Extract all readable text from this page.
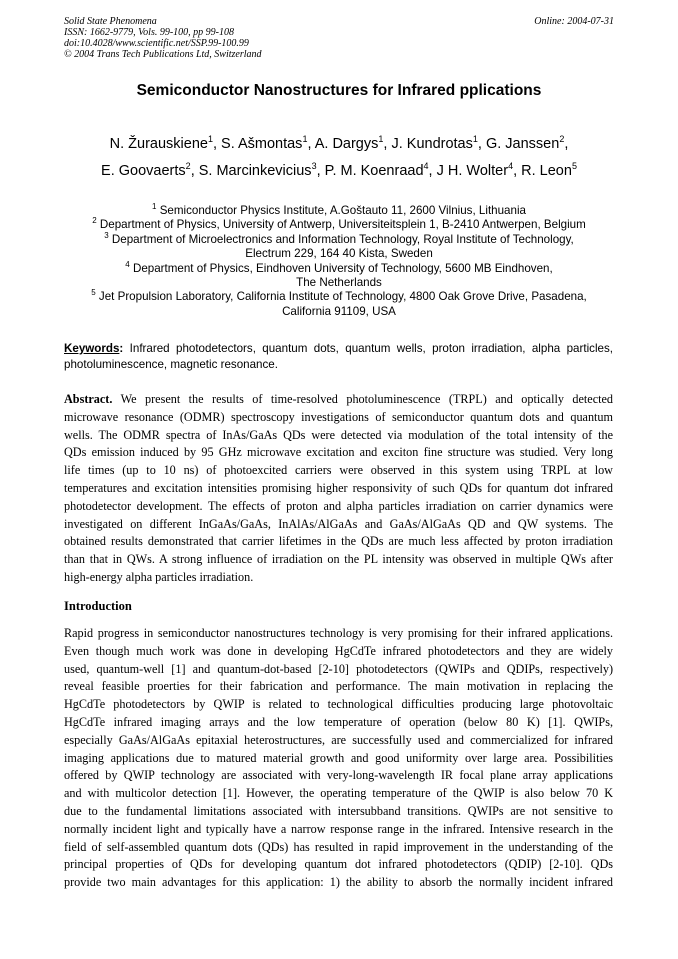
Solid State Phenomena
ISSN: 1662-9779, Vols. 99-100, pp 99-108
doi:10.4028/www.scientific.net/SSP.99-100.99
© 2004 Trans Tech Publications Ltd, Switzerland
Online: 2004-07-31
Semiconductor Nanostructures for Infrared pplications
N. Žurauskiene$^1$, S. Ašmontas$^1$, A. Dargys$^1$, J. Kundrotas$^1$, G. Janssen$^2$,
E. Goovaerts$^2$, S. Marcinkevicius$^3$, P. M. Koenraad$^4$, J H. Wolter$^4$, R. Leon$^5$
$^1$ Semiconductor Physics Institute, A.Goštauto 11, 2600 Vilnius, Lithuania
$^2$ Department of Physics, University of Antwerp, Universiteitsplein 1, B-2410 Antwerpen, Belgium
$^3$ Department of Microelectronics and Information Technology, Royal Institute of Technology,
Electrum 229, 164 40 Kista, Sweden
$^4$ Department of Physics, Eindhoven University of Technology, 5600 MB Eindhoven,
The Netherlands
$^5$ Jet Propulsion Laboratory, California Institute of Technology, 4800 Oak Grove Drive, Pasadena,
California 91109, USA
Keywords: Infrared photodetectors, quantum dots, quantum wells, proton irradiation, alpha particles, photoluminescence, magnetic resonance.
Abstract. We present the results of time-resolved photoluminescence (TRPL) and optically detected
microwave resonance (ODMR) spectroscopy investigations of semiconductor quantum dots and quantum
wells. The ODMR spectra of InAs/GaAs QDs were detected via modulation of the total intensity of the
QDs emission induced by 95 GHz microwave excitation and exciton fine structure was studied. Very long
life times (up to 10 ns) of photoexcited carriers were observed in this system using TRPL at low
temperatures and excitation intensities promising higher responsivity of such QDs for quantum dot infrared
photodetector development. The effects of proton and alpha particles irradiation on carrier dynamics were
investigated on different InGaAs/GaAs, InAlAs/AlGaAs and GaAs/AlGaAs QD and QW systems. The
obtained results demonstrated that carrier lifetimes in the QDs are much less affected by proton irradiation
than that in QWs. A strong influence of irradiation on the PL intensity was observed in multiple QWs after
high-energy alpha particles irradiation.
Introduction
Rapid progress in semiconductor nanostructures technology is very promising for their infrared applications.
Even though much work was done in developing HgCdTe infrared photodetectors and they are widely
used, quantum-well [1] and quantum-dot-based [2-10] photodetectors (QWIPs and QDIPs, respectively)
reveal feasible proerties for their fabrication and performance. The main motivation in replacing the
HgCdTe photodetectors by QWIP is related to technological difficulties producing large photovoltaic
HgCdTe infrared imaging arrays and the low temperature of operation (below 80 K) [1]. QWIPs,
especially GaAs/AlGaAs epitaxial heterostructures, are successfully used and commercialized for infrared
imaging applications due to matured material growth and good uniformity over large area. Possibilities
offered by QWIP technology are associated with very-long-wavelength IR focal plane array applications
and with multicolor detection [1]. However, the operating temperature of the QWIP is also below 70 K
due to the fundamental limitations associated with intersubband transitions. QWIPs are not sensitive to
normally incident light and typically have a narrow response range in the infrared. Intensive research in the
field of self-assembled quantum dots (QDs) has resulted in rapid improvement in the understanding of the
principal properties of QDs for developing quantum dot infrared photodetectors (QDIP) [2-10]. QDs
provide two main advantages for this application: 1) the ability to absorb the normally incident infrared
